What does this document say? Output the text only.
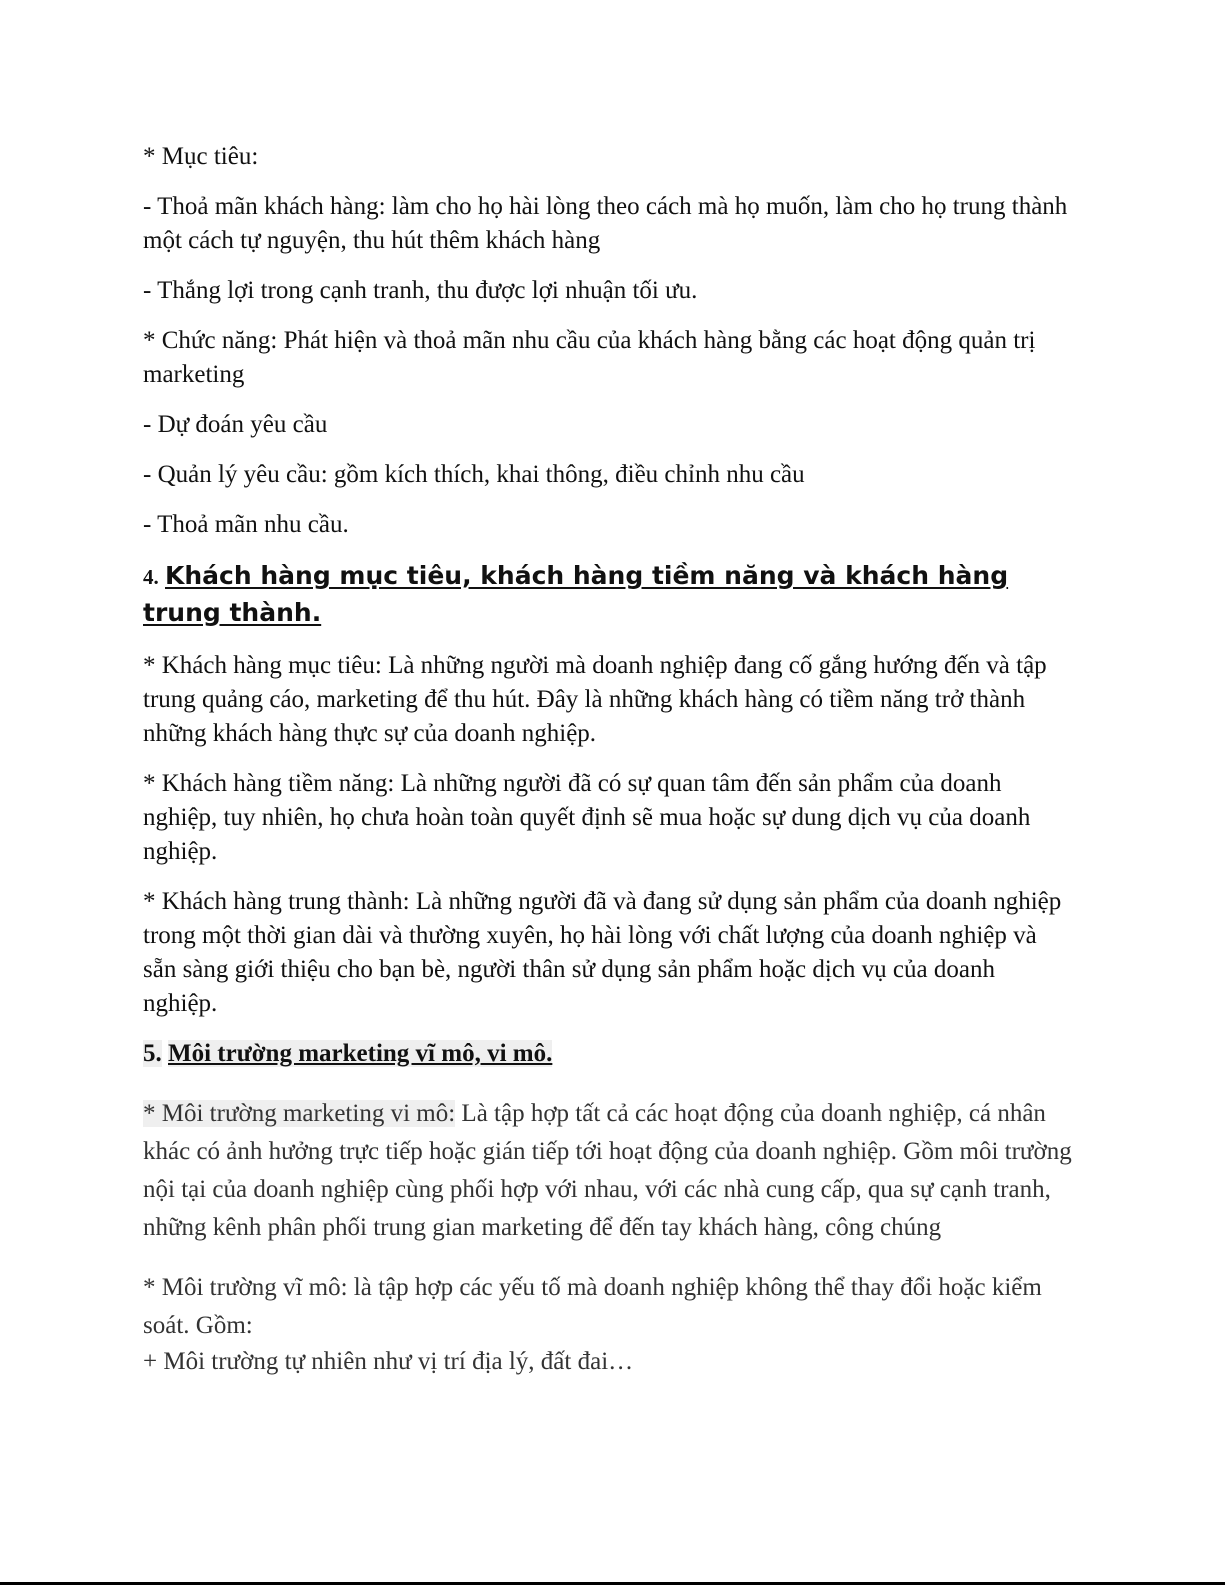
* Mục tiêu:

- Thoả mãn khách hàng: làm cho họ hài lòng theo cách mà họ muốn, làm cho họ trung thành một cách tự nguyện, thu hút thêm khách hàng

- Thắng lợi trong cạnh tranh, thu được lợi nhuận tối ưu.

* Chức năng: Phát hiện và thoả mãn nhu cầu của khách hàng bằng các hoạt động quản trị marketing

- Dự đoán yêu cầu

- Quản lý yêu cầu: gồm kích thích, khai thông, điều chỉnh nhu cầu

- Thoả mãn nhu cầu.

4. Khách hàng mục tiêu, khách hàng tiềm năng và khách hàng trung thành.

* Khách hàng mục tiêu: Là những người mà doanh nghiệp đang cố gắng hướng đến và tập trung quảng cáo, marketing để thu hút. Đây là những khách hàng có tiềm năng trở thành những khách hàng thực sự của doanh nghiệp.

* Khách hàng tiềm năng: Là những người đã có sự quan tâm đến sản phẩm của doanh nghiệp, tuy nhiên, họ chưa hoàn toàn quyết định sẽ mua hoặc sự dung dịch vụ của doanh nghiệp.

* Khách hàng trung thành: Là những người đã và đang sử dụng sản phẩm của doanh nghiệp trong một thời gian dài và thường xuyên, họ hài lòng với chất lượng của doanh nghiệp và sẵn sàng giới thiệu cho bạn bè, người thân sử dụng sản phẩm hoặc dịch vụ của doanh nghiệp.

5. Môi trường marketing vĩ mô, vi mô.

* Môi trường marketing vi mô: Là tập hợp tất cả các hoạt động của doanh nghiệp, cá nhân khác có ảnh hưởng trực tiếp hoặc gián tiếp tới hoạt động của doanh nghiệp. Gồm môi trường nội tại của doanh nghiệp cùng phối hợp với nhau, với các nhà cung cấp, qua sự cạnh tranh, những kênh phân phối trung gian marketing để đến tay khách hàng, công chúng

* Môi trường vĩ mô: là tập hợp các yếu tố mà doanh nghiệp không thể thay đổi hoặc kiểm soát. Gồm:

+ Môi trường tự nhiên như vị trí địa lý, đất đai…
